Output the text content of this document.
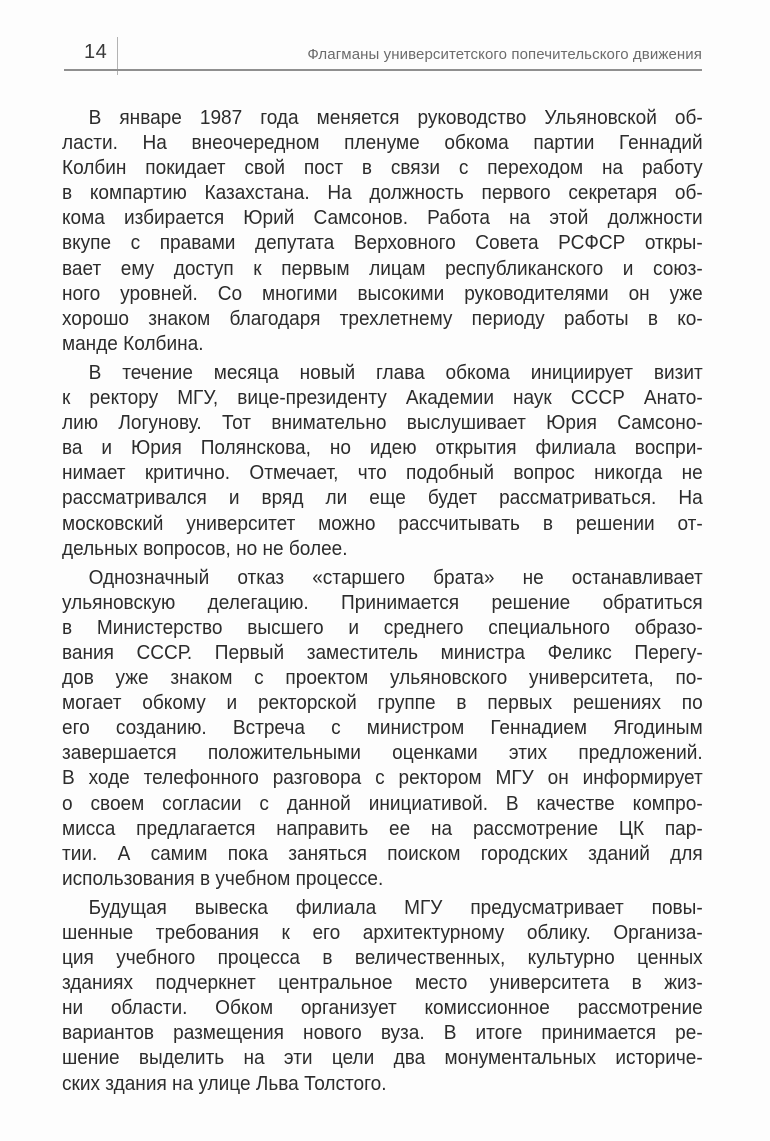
14	Флагманы университетского попечительского движения
В январе 1987 года меняется руководство Ульяновской об-
ласти. На внеочередном пленуме обкома партии Геннадий
Колбин покидает свой пост в связи с переходом на работу
в компартию Казахстана. На должность первого секретаря об-
кома избирается Юрий Самсонов. Работа на этой должности
вкупе с правами депутата Верховного Совета РСФСР откры-
вает ему доступ к первым лицам республиканского и союз-
ного уровней. Со многими высокими руководителями он уже
хорошо знаком благодаря трехлетнему периоду работы в ко-
манде Колбина.
В течение месяца новый глава обкома инициирует визит
к ректору МГУ, вице-президенту Академии наук СССР Анато-
лию Логунову. Тот внимательно выслушивает Юрия Самсоно-
ва и Юрия Полянскова, но идею открытия филиала воспри-
нимает критично. Отмечает, что подобный вопрос никогда не
рассматривался и вряд ли еще будет рассматриваться. На
московский университет можно рассчитывать в решении от-
дельных вопросов, но не более.
Однозначный отказ «старшего брата» не останавливает
ульяновскую делегацию. Принимается решение обратиться
в Министерство высшего и среднего специального образо-
вания СССР. Первый заместитель министра Феликс Перегу-
дов уже знаком с проектом ульяновского университета, по-
могает обкому и ректорской группе в первых решениях по
его созданию. Встреча с министром Геннадием Ягодиным
завершается положительными оценками этих предложений.
В ходе телефонного разговора с ректором МГУ он информирует
о своем согласии с данной инициативой. В качестве компро-
мисса предлагается направить ее на рассмотрение ЦК пар-
тии. А самим пока заняться поиском городских зданий для
использования в учебном процессе.
Будущая вывеска филиала МГУ предусматривает повы-
шенные требования к его архитектурному облику. Организа-
ция учебного процесса в величественных, культурно ценных
зданиях подчеркнет центральное место университета в жиз-
ни области. Обком организует комиссионное рассмотрение
вариантов размещения нового вуза. В итоге принимается ре-
шение выделить на эти цели два монументальных историче-
ских здания на улице Льва Толстого.
